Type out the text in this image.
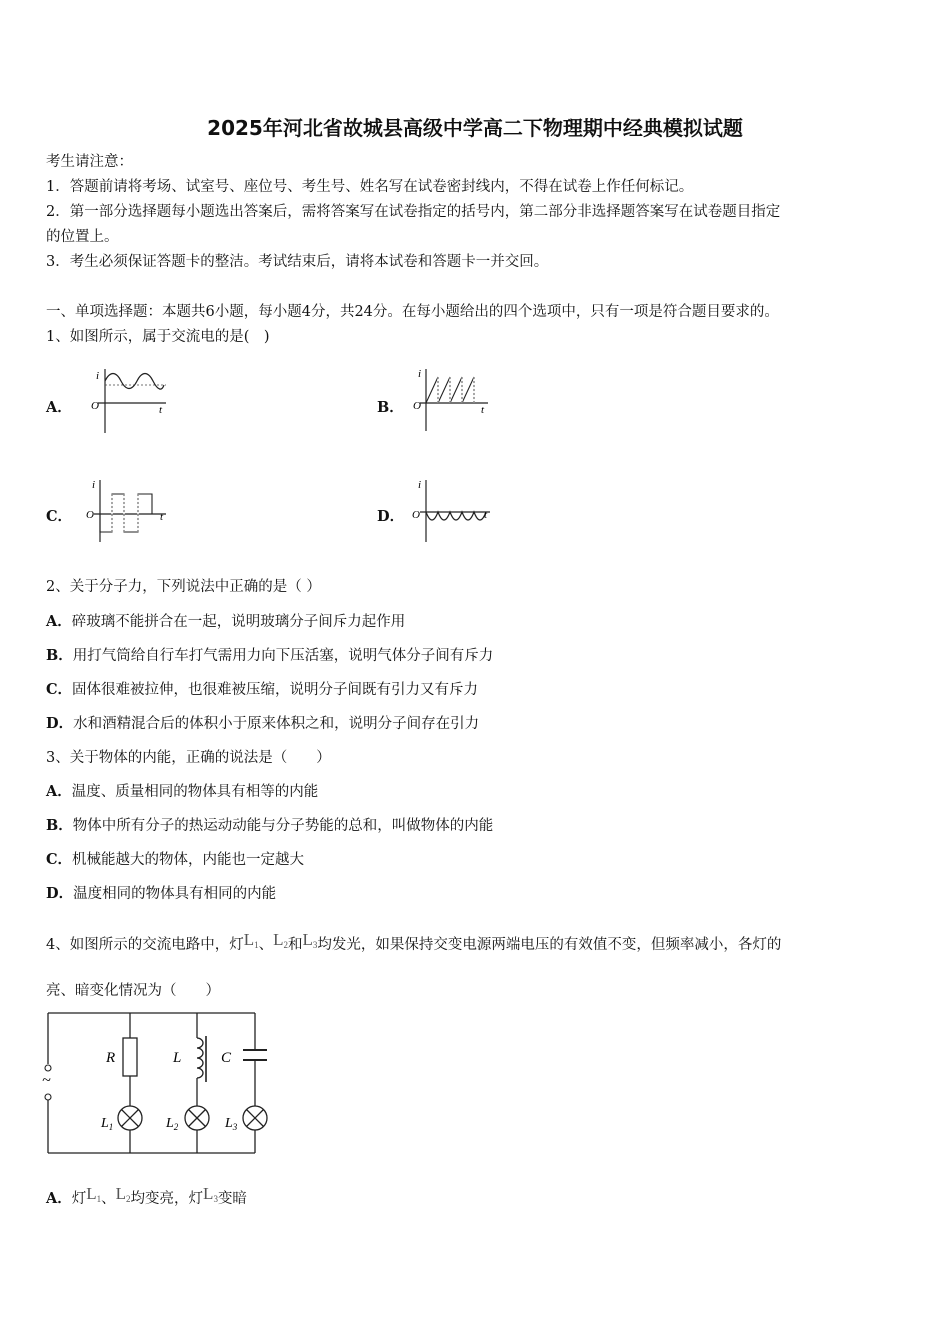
2025年河北省故城县高级中学高二下物理期中经典模拟试题
考生请注意：
1．答题前请将考场、试室号、座位号、考生号、姓名写在试卷密封线内，不得在试卷上作任何标记。
2．第一部分选择题每小题选出答案后，需将答案写在试卷指定的括号内，第二部分非选择题答案写在试卷题目指定
的位置上。
3．考生必须保证答题卡的整洁。考试结束后，请将本试卷和答题卡一并交回。
一、单项选择题：本题共6小题，每小题4分，共24分。在每小题给出的四个选项中，只有一项是符合题目要求的。
1、如图所示，属于交流电的是(　)
A．	B．
C．	D．
i
O	t
i
O	t
i
O	t
i
O	t
2、关于分子力，下列说法中正确的是（ ）
A．碎玻璃不能拼合在一起，说明玻璃分子间斥力起作用
B．用打气筒给自行车打气需用力向下压活塞，说明气体分子间有斥力
C．固体很难被拉伸，也很难被压缩，说明分子间既有引力又有斥力
D．水和酒精混合后的体积小于原来体积之和，说明分子间存在引力
3、关于物体的内能，正确的说法是（　　）
A．温度、质量相同的物体具有相等的内能
B．物体中所有分子的热运动动能与分子势能的总和，叫做物体的内能
C．机械能越大的物体，内能也一定越大
D．温度相同的物体具有相同的内能
4、如图所示的交流电路中，灯$L_1$、$L_2$和$L_3$均发光，如果保持交变电源两端电压的有效值不变，但频率减小，各灯的
亮、暗变化情况为（　　）
~
R
$L_1$
L
$L_2$
C
$L_3$
A．灯$L_1$、$L_2$均变亮，灯$L_3$变暗
